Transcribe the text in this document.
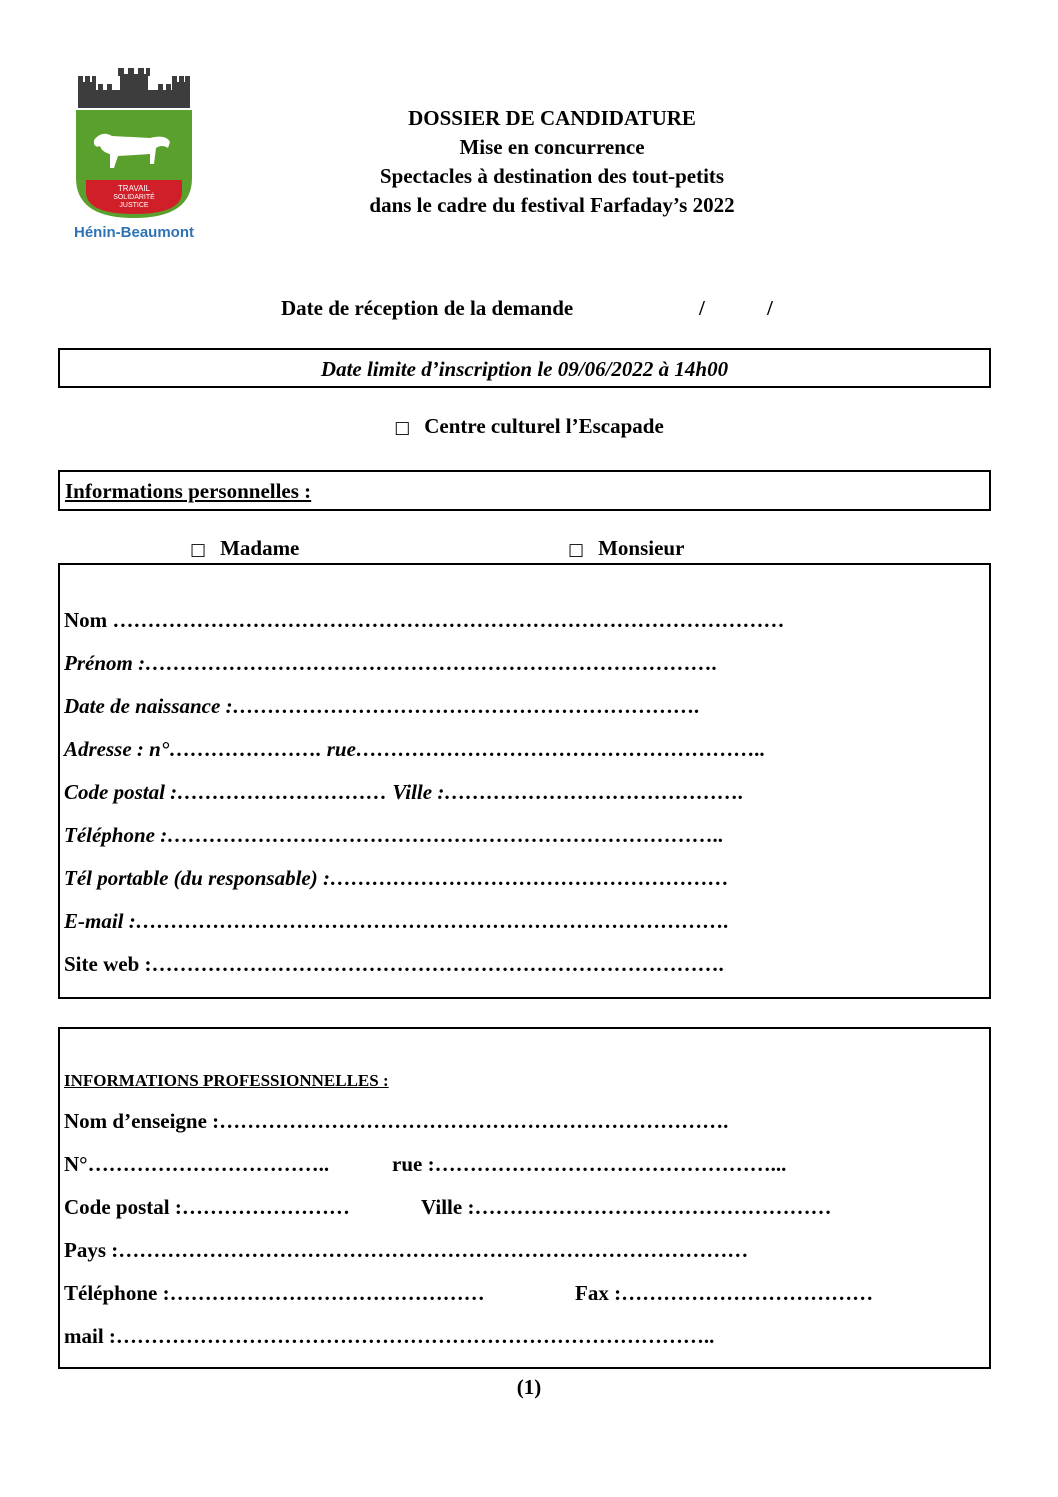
TRAVAIL
SOLIDARITÉ
JUSTICE
Hénin-Beaumont
DOSSIER DE CANDIDATURE
Mise en concurrence
Spectacles à destination des tout-petits
dans le cadre du festival Farfaday’s 2022
Date de réception de la demande	/	/
Date limite d’inscription le 09/06/2022 à 14h00
□ Centre culturel l’Escapade
Informations personnelles :
□ Madame	□ Monsieur
Nom ……………………………………………………………………………………
Prénom :……………………………………………………………………….
Date de naissance :………………………………………………………….
Adresse : n°…………………. rue…………………………………………………..
Code postal :………………………… Ville :…………………………………….
Téléphone :……………………………………………………………………..
Tél portable (du responsable) :…………………………………………………
E-mail :………………………………………………………………………….
Site web :……………………………………………………………………….
INFORMATIONS PROFESSIONNELLES :
Nom d’enseigne :……………………………………………………………….
N°……………………………..	rue :…………………………………………...
Code postal :……………………	Ville :……………………………………………
Pays :………………………………………………………………………………
Téléphone :………………………………………	Fax :………………………………
mail :…………………………………………………………………………..
(1)
